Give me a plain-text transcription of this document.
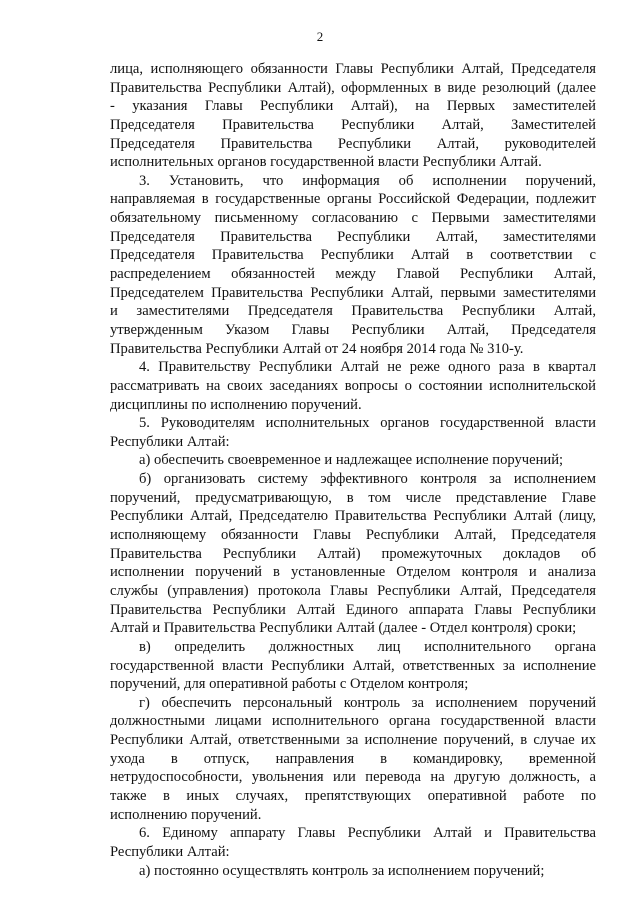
2
лица, исполняющего обязанности Главы Республики Алтай, Председателя
Правительства Республики Алтай), оформленных в виде резолюций (далее
- указания Главы Республики Алтай), на Первых заместителей
Председателя Правительства Республики Алтай, Заместителей
Председателя Правительства Республики Алтай, руководителей
исполнительных органов государственной власти Республики Алтай.
3. Установить, что информация об исполнении поручений,
направляемая в государственные органы Российской Федерации, подлежит
обязательному письменному согласованию с Первыми заместителями
Председателя Правительства Республики Алтай, заместителями
Председателя Правительства Республики Алтай в соответствии с
распределением обязанностей между Главой Республики Алтай,
Председателем Правительства Республики Алтай, первыми заместителями
и заместителями Председателя Правительства Республики Алтай,
утвержденным Указом Главы Республики Алтай, Председателя
Правительства Республики Алтай от 24 ноября 2014 года № 310-у.
4. Правительству Республики Алтай не реже одного раза в квартал
рассматривать на своих заседаниях вопросы о состоянии исполнительской
дисциплины по исполнению поручений.
5. Руководителям исполнительных органов государственной власти
Республики Алтай:
а) обеспечить своевременное и надлежащее исполнение поручений;
б) организовать систему эффективного контроля за исполнением
поручений, предусматривающую, в том числе представление Главе
Республики Алтай, Председателю Правительства Республики Алтай (лицу,
исполняющему обязанности Главы Республики Алтай, Председателя
Правительства Республики Алтай) промежуточных докладов об
исполнении поручений в установленные Отделом контроля и анализа
службы (управления) протокола Главы Республики Алтай, Председателя
Правительства Республики Алтай Единого аппарата Главы Республики
Алтай и Правительства Республики Алтай (далее - Отдел контроля) сроки;
в) определить должностных лиц исполнительного органа
государственной власти Республики Алтай, ответственных за исполнение
поручений, для оперативной работы с Отделом контроля;
г) обеспечить персональный контроль за исполнением поручений
должностными лицами исполнительного органа государственной власти
Республики Алтай, ответственными за исполнение поручений, в случае их
ухода в отпуск, направления в командировку, временной
нетрудоспособности, увольнения или перевода на другую должность, а
также в иных случаях, препятствующих оперативной работе по
исполнению поручений.
6. Единому аппарату Главы Республики Алтай и Правительства
Республики Алтай:
а) постоянно осуществлять контроль за исполнением поручений;
